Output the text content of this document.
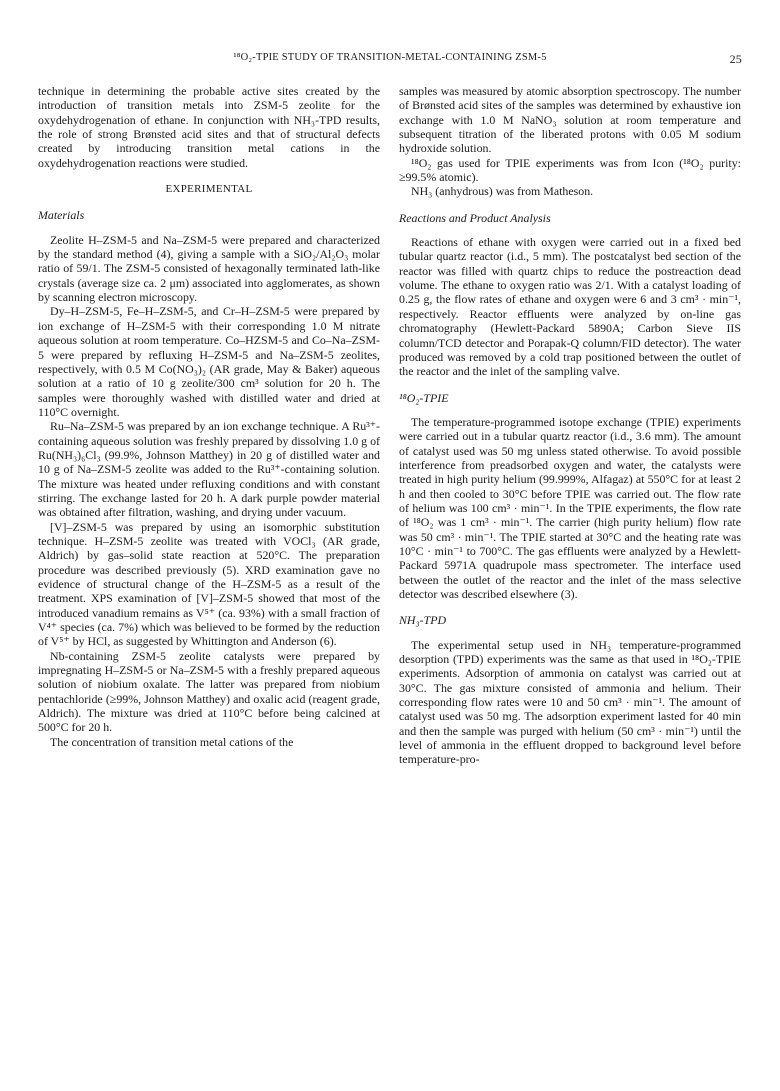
¹⁸O₂-TPIE STUDY OF TRANSITION-METAL-CONTAINING ZSM-5	25

technique in determining the probable active sites created by the introduction of transition metals into ZSM-5 zeolite for the oxydehydrogenation of ethane. In conjunction with NH₃-TPD results, the role of strong Brønsted acid sites and that of structural defects created by introducing transition metal cations in the oxydehydrogenation reactions were studied.

EXPERIMENTAL
Materials

Zeolite H–ZSM-5 and Na–ZSM-5 were prepared and characterized by the standard method (4), giving a sample with a SiO₂/Al₂O₃ molar ratio of 59/1. The ZSM-5 consisted of hexagonally terminated lath-like crystals (average size ca. 2 μm) associated into agglomerates, as shown by scanning electron microscopy.

Dy–H–ZSM-5, Fe–H–ZSM-5, and Cr–H–ZSM-5 were prepared by ion exchange of H–ZSM-5 with their corresponding 1.0 M nitrate aqueous solution at room temperature. Co–HZSM-5 and Co–Na–ZSM-5 were prepared by refluxing H–ZSM-5 and Na–ZSM-5 zeolites, respectively, with 0.5 M Co(NO₃)₂ (AR grade, May & Baker) aqueous solution at a ratio of 10 g zeolite/300 cm³ solution for 20 h. The samples were thoroughly washed with distilled water and dried at 110°C overnight.

Ru–Na–ZSM-5 was prepared by an ion exchange technique. A Ru³⁺-containing aqueous solution was freshly prepared by dissolving 1.0 g of Ru(NH₃)₆Cl₃ (99.9%, Johnson Matthey) in 20 g of distilled water and 10 g of Na–ZSM-5 zeolite was added to the Ru³⁺-containing solution. The mixture was heated under refluxing conditions and with constant stirring. The exchange lasted for 20 h. A dark purple powder material was obtained after filtration, washing, and drying under vacuum.

[V]–ZSM-5 was prepared by using an isomorphic substitution technique. H–ZSM-5 zeolite was treated with VOCl₃ (AR grade, Aldrich) by gas–solid state reaction at 520°C. The preparation procedure was described previously (5). XRD examination gave no evidence of structural change of the H–ZSM-5 as a result of the treatment. XPS examination of [V]–ZSM-5 showed that most of the introduced vanadium remains as V⁵⁺ (ca. 93%) with a small fraction of V⁴⁺ species (ca. 7%) which was believed to be formed by the reduction of V⁵⁺ by HCl, as suggested by Whittington and Anderson (6).

Nb-containing ZSM-5 zeolite catalysts were prepared by impregnating H–ZSM-5 or Na–ZSM-5 with a freshly prepared aqueous solution of niobium oxalate. The latter was prepared from niobium pentachloride (≥99%, Johnson Matthey) and oxalic acid (reagent grade, Aldrich). The mixture was dried at 110°C before being calcined at 500°C for 20 h.

The concentration of transition metal cations of the

samples was measured by atomic absorption spectroscopy. The number of Brønsted acid sites of the samples was determined by exhaustive ion exchange with 1.0 M NaNO₃ solution at room temperature and subsequent titration of the liberated protons with 0.05 M sodium hydroxide solution.

¹⁸O₂ gas used for TPIE experiments was from Icon (¹⁸O₂ purity: ≥99.5% atomic).

NH₃ (anhydrous) was from Matheson.

Reactions and Product Analysis

Reactions of ethane with oxygen were carried out in a fixed bed tubular quartz reactor (i.d., 5 mm). The postcatalyst bed section of the reactor was filled with quartz chips to reduce the postreaction dead volume. The ethane to oxygen ratio was 2/1. With a catalyst loading of 0.25 g, the flow rates of ethane and oxygen were 6 and 3 cm³ · min⁻¹, respectively. Reactor effluents were analyzed by on-line gas chromatography (Hewlett-Packard 5890A; Carbon Sieve IIS column/TCD detector and Porapak-Q column/FID detector). The water produced was removed by a cold trap positioned between the outlet of the reactor and the inlet of the sampling valve.

¹⁸O₂-TPIE

The temperature-programmed isotope exchange (TPIE) experiments were carried out in a tubular quartz reactor (i.d., 3.6 mm). The amount of catalyst used was 50 mg unless stated otherwise. To avoid possible interference from preadsorbed oxygen and water, the catalysts were treated in high purity helium (99.999%, Alfagaz) at 550°C for at least 2 h and then cooled to 30°C before TPIE was carried out. The flow rate of helium was 100 cm³ · min⁻¹. In the TPIE experiments, the flow rate of ¹⁸O₂ was 1 cm³ · min⁻¹. The carrier (high purity helium) flow rate was 50 cm³ · min⁻¹. The TPIE started at 30°C and the heating rate was 10°C · min⁻¹ to 700°C. The gas effluents were analyzed by a Hewlett-Packard 5971A quadrupole mass spectrometer. The interface used between the outlet of the reactor and the inlet of the mass selective detector was described elsewhere (3).

NH₃-TPD

The experimental setup used in NH₃ temperature-programmed desorption (TPD) experiments was the same as that used in ¹⁸O₂-TPIE experiments. Adsorption of ammonia on catalyst was carried out at 30°C. The gas mixture consisted of ammonia and helium. Their corresponding flow rates were 10 and 50 cm³ · min⁻¹. The amount of catalyst used was 50 mg. The adsorption experiment lasted for 40 min and then the sample was purged with helium (50 cm³ · min⁻¹) until the level of ammonia in the effluent dropped to background level before temperature-pro-
